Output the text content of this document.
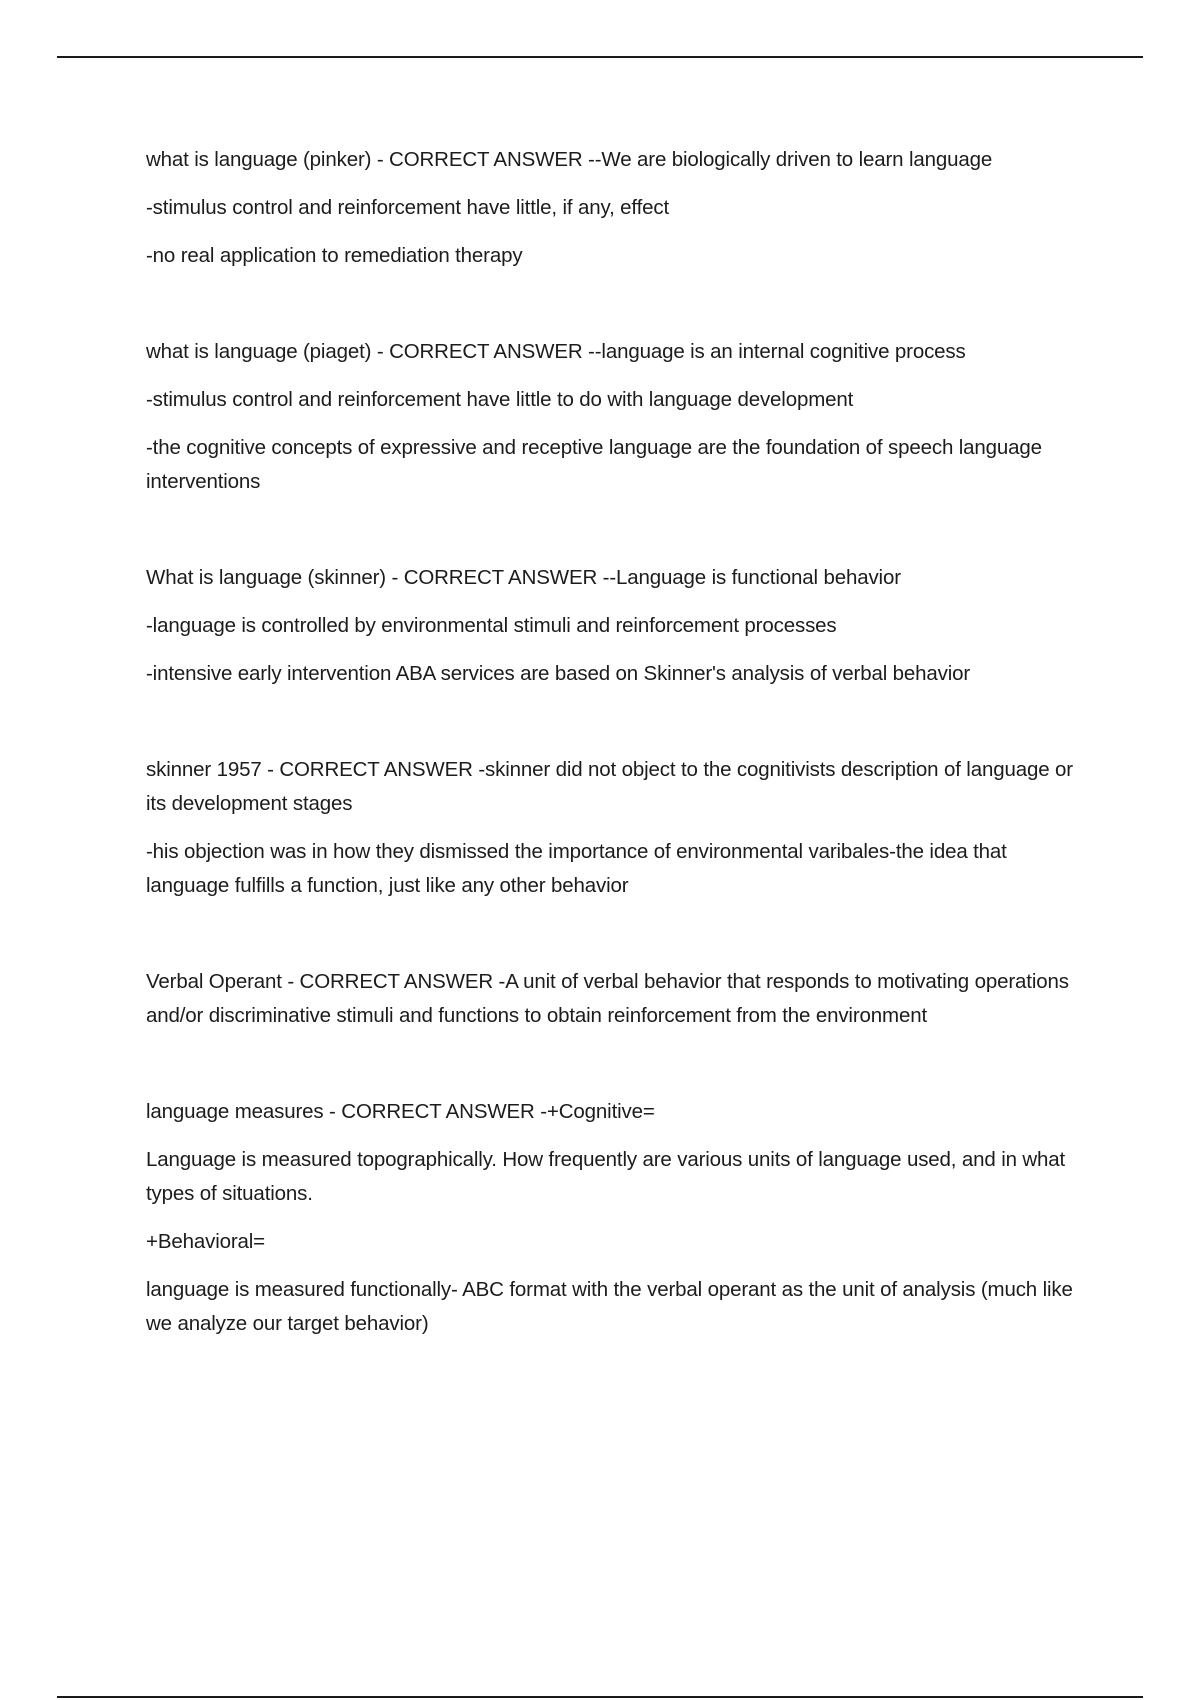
what is language (pinker) - CORRECT ANSWER --We are biologically driven to learn language

-stimulus control and reinforcement have little, if any, effect

-no real application to remediation therapy

what is language (piaget) - CORRECT ANSWER --language is an internal cognitive process

-stimulus control and reinforcement have little to do with language development

-the cognitive concepts of expressive and receptive language are the foundation of speech language interventions

What is language (skinner) - CORRECT ANSWER --Language is functional behavior

-language is controlled by environmental stimuli and reinforcement processes

-intensive early intervention ABA services are based on Skinner's analysis of verbal behavior

skinner 1957 - CORRECT ANSWER -skinner did not object to the cognitivists description of language or its development stages

-his objection was in how they dismissed the importance of environmental varibales-the idea that language fulfills a function, just like any other behavior

Verbal Operant - CORRECT ANSWER -A unit of verbal behavior that responds to motivating operations and/or discriminative stimuli and functions to obtain reinforcement from the environment

language measures - CORRECT ANSWER -+Cognitive=

Language is measured topographically. How frequently are various units of language used, and in what types of situations.

+Behavioral=

language is measured functionally- ABC format with the verbal operant as the unit of analysis (much like we analyze our target behavior)
